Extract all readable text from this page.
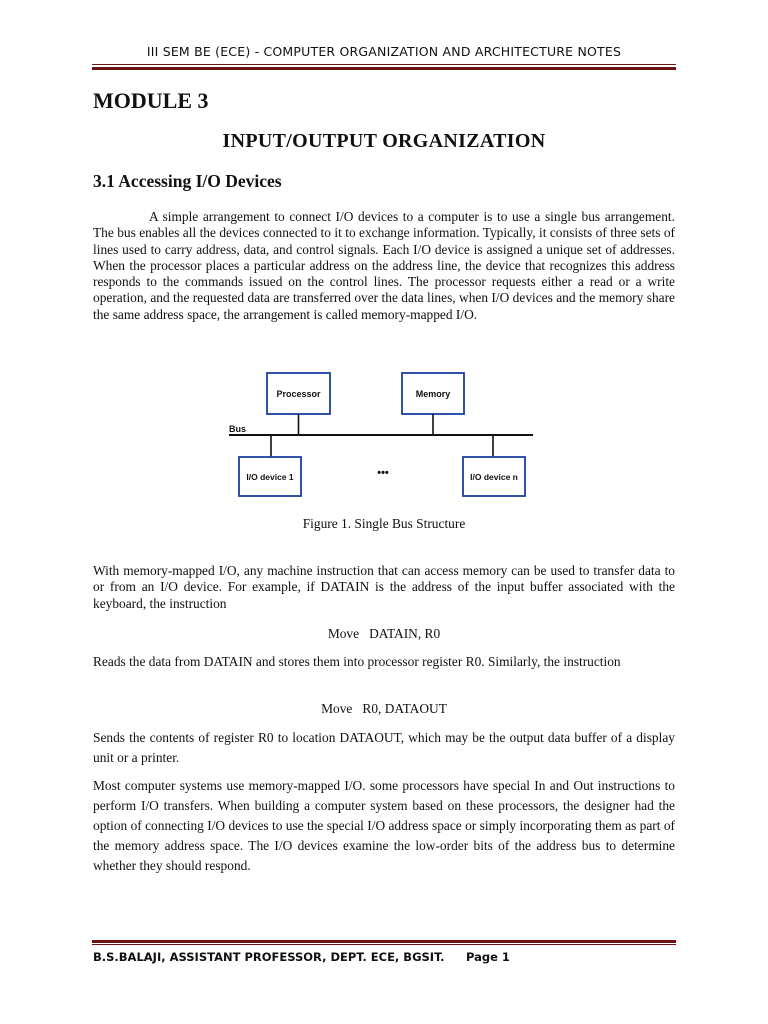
III SEM BE (ECE) - COMPUTER ORGANIZATION AND ARCHITECTURE NOTES
MODULE 3
INPUT/OUTPUT ORGANIZATION
3.1 Accessing I/O Devices
A simple arrangement to connect I/O devices to a computer is to use a single bus arrangement. The bus enables all the devices connected to it to exchange information. Typically, it consists of three sets of lines used to carry address, data, and control signals. Each I/O device is assigned a unique set of addresses. When the processor places a particular address on the address line, the device that recognizes this address responds to the commands issued on the control lines. The processor requests either a read or a write operation, and the requested data are transferred over the data lines, when I/O devices and the memory share the same address space, the arrangement is called memory-mapped I/O.
Processor	Memory
Bus
I/O device 1	•••	I/O device n
Figure 1. Single Bus Structure
With memory-mapped I/O, any machine instruction that can access memory can be used to transfer data to or from an I/O device. For example, if DATAIN is the address of the input buffer associated with the keyboard, the instruction
Move   DATAIN, R0
Reads the data from DATAIN and stores them into processor register R0. Similarly, the instruction
Move   R0, DATAOUT
Sends the contents of register R0 to location DATAOUT, which may be the output data buffer of a display unit or a printer.
Most computer systems use memory-mapped I/O. some processors have special In and Out instructions to perform I/O transfers. When building a computer system based on these processors, the designer had the option of connecting I/O devices to use the special I/O address space or simply incorporating them as part of the memory address space. The I/O devices examine the low-order bits of the address bus to determine whether they should respond.
B.S.BALAJI, ASSISTANT PROFESSOR, DEPT. ECE, BGSIT. Page 1
